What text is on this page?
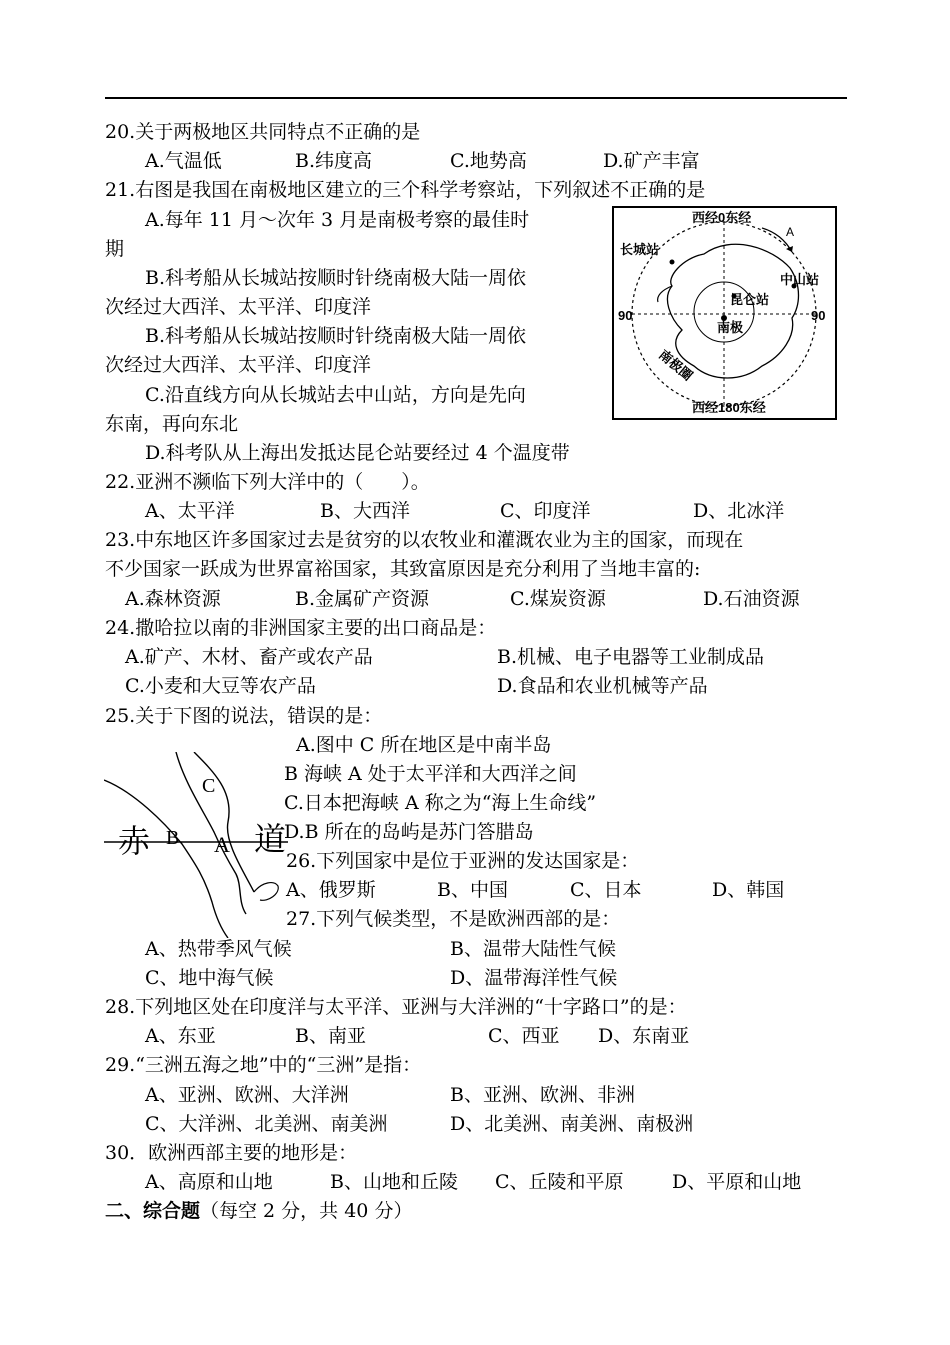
20.关于两极地区共同特点不正确的是
A.气温低	B.纬度高	C.地势高	D.矿产丰富
21.右图是我国在南极地区建立的三个科学考察站，下列叙述不正确的是
A.每年 11 月～次年 3 月是南极考察的最佳时
期
B.科考船从长城站按顺时针绕南极大陆一周依
次经过大西洋、太平洋、印度洋
B.科考船从长城站按顺时针绕南极大陆一周依
次经过大西洋、太平洋、印度洋
C.沿直线方向从长城站去中山站，方向是先向
东南，再向东北
D.科考队从上海出发抵达昆仑站要经过 4 个温度带
西经0东经
西经180东经
90	90
长城站
中山站
昆仑站
南极
南极圈
A
22.亚洲不濒临下列大洋中的（　　）。
A、太平洋	B、大西洋	C、印度洋	D、北冰洋
23.中东地区许多国家过去是贫穷的以农牧业和灌溉农业为主的国家，而现在
不少国家一跃成为世界富裕国家，其致富原因是充分利用了当地丰富的:
A.森林资源	B.金属矿产资源	C.煤炭资源	D.石油资源
24.撒哈拉以南的非洲国家主要的出口商品是：
A.矿产、木材、畜产或农产品	B.机械、电子电器等工业制成品
C.小麦和大豆等农产品	D.食品和农业机械等产品
25.关于下图的说法，错误的是：
A.图中 C 所在地区是中南半岛
B 海峡 A 处于太平洋和大西洋之间
C.日本把海峡 A 称之为“海上生命线”
D.B 所在的岛屿是苏门答腊岛
C
B A
赤	道
26.下列国家中是位于亚洲的发达国家是：
A、俄罗斯	B、中国	C、日本	D、韩国
27.下列气候类型，不是欧洲西部的是：
A、热带季风气候	B、温带大陆性气候
C、地中海气候	D、温带海洋性气候
28.下列地区处在印度洋与太平洋、亚洲与大洋洲的“十字路口”的是：
A、东亚	B、南亚	C、西亚 D、东南亚
29.“三洲五海之地”中的“三洲”是指：
A、亚洲、欧洲、大洋洲	B、亚洲、欧洲、非洲
C、大洋洲、北美洲、南美洲	D、北美洲、南美洲、南极洲
30．欧洲西部主要的地形是：
A、高原和山地	B、山地和丘陵 C、丘陵和平原	D、平原和山地
二、综合题（每空 2 分，共 40 分）
